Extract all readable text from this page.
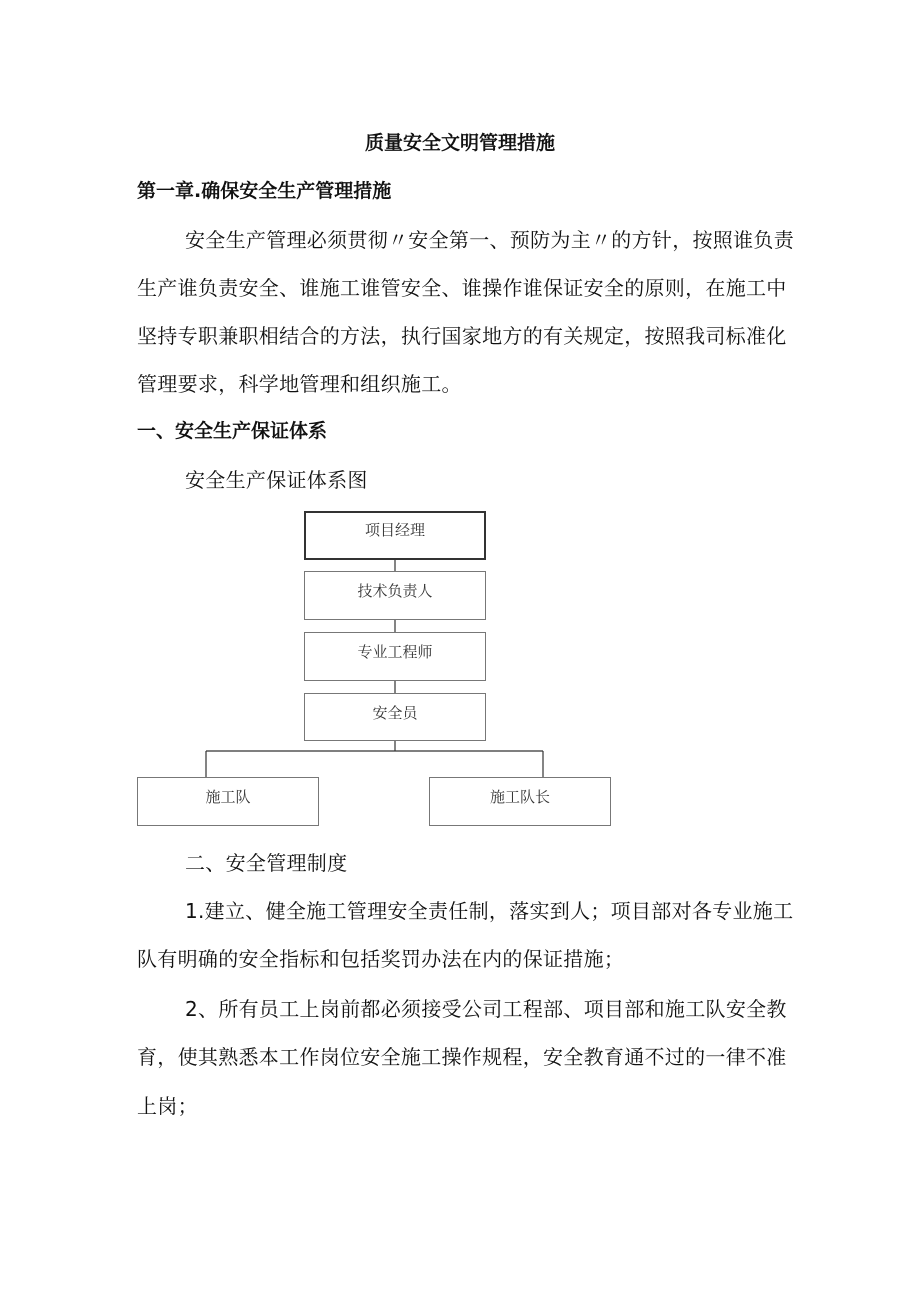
质量安全文明管理措施
第一章.确保安全生产管理措施
安全生产管理必须贯彻〃安全第一、预防为主〃的方针，按照谁负责
生产谁负责安全、谁施工谁管安全、谁操作谁保证安全的原则，在施工中
坚持专职兼职相结合的方法，执行国家地方的有关规定，按照我司标准化
管理要求，科学地管理和组织施工。
一、安全生产保证体系
安全生产保证体系图
项目经理
技术负责人
专业工程师
安全员
施工队	施工队长
二、安全管理制度
1.建立、健全施工管理安全责任制，落实到人；项目部对各专业施工
队有明确的安全指标和包括奖罚办法在内的保证措施；
2、所有员工上岗前都必须接受公司工程部、项目部和施工队安全教
育，使其熟悉本工作岗位安全施工操作规程，安全教育通不过的一律不准
上岗；
